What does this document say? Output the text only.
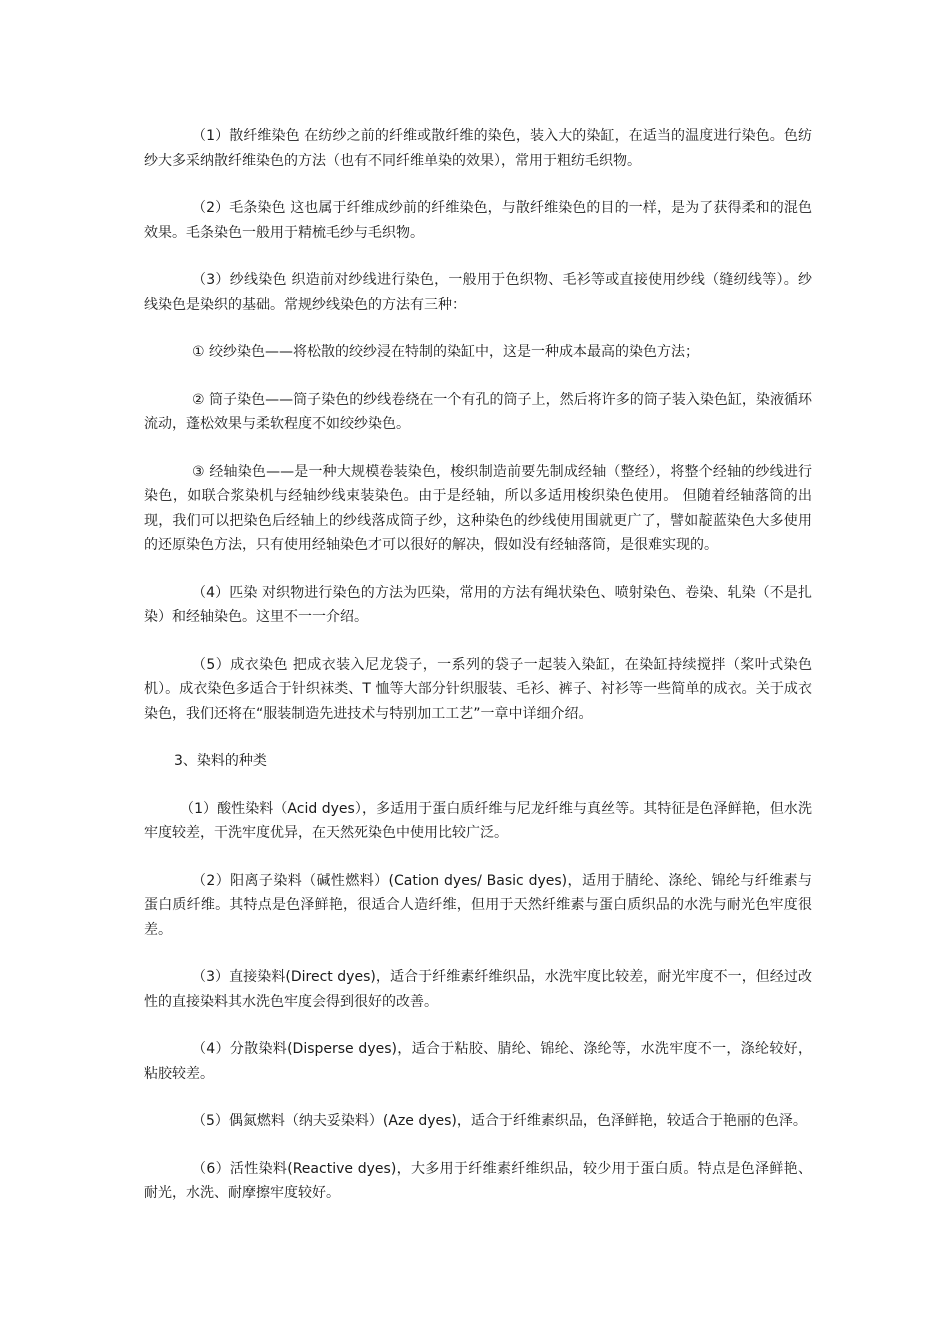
（1）散纤维染色 在纺纱之前的纤维或散纤维的染色，装入大的染缸，在适当的温度进行染色。色纺纱大多采纳散纤维染色的方法（也有不同纤维单染的效果），常用于粗纺毛织物。

（2）毛条染色 这也属于纤维成纱前的纤维染色，与散纤维染色的目的一样，是为了获得柔和的混色效果。毛条染色一般用于精梳毛纱与毛织物。

（3）纱线染色 织造前对纱线进行染色，一般用于色织物、毛衫等或直接使用纱线（缝纫线等）。纱线染色是染织的基础。常规纱线染色的方法有三种：

① 绞纱染色——将松散的绞纱浸在特制的染缸中，这是一种成本最高的染色方法；

② 筒子染色——筒子染色的纱线卷绕在一个有孔的筒子上，然后将许多的筒子装入染色缸，染液循环流动，蓬松效果与柔软程度不如绞纱染色。

③ 经轴染色——是一种大规模卷装染色，梭织制造前要先制成经轴（整经），将整个经轴的纱线进行染色，如联合浆染机与经轴纱线束装染色。由于是经轴，所以多适用梭织染色使用。 但随着经轴落筒的出现，我们可以把染色后经轴上的纱线落成筒子纱，这种染色的纱线使用围就更广了，譬如靛蓝染色大多使用的还原染色方法，只有使用经轴染色才可以很好的解决，假如没有经轴落筒，是很难实现的。

（4）匹染 对织物进行染色的方法为匹染，常用的方法有绳状染色、喷射染色、卷染、轧染（不是扎染）和经轴染色。这里不一一介绍。

（5）成衣染色 把成衣装入尼龙袋子，一系列的袋子一起装入染缸，在染缸持续搅拌（桨叶式染色机）。成衣染色多适合于针织袜类、T 恤等大部分针织服装、毛衫、裤子、衬衫等一些简单的成衣。关于成衣染色，我们还将在“服装制造先进技术与特别加工工艺”一章中详细介绍。

3、染料的种类

（1）酸性染料（Acid dyes），多适用于蛋白质纤维与尼龙纤维与真丝等。其特征是色泽鲜艳，但水洗牢度较差，干洗牢度优异，在天然死染色中使用比较广泛。

（2）阳离子染料（碱性燃料）(Cation dyes/ Basic dyes)，适用于腈纶、涤纶、锦纶与纤维素与蛋白质纤维。其特点是色泽鲜艳，很适合人造纤维，但用于天然纤维素与蛋白质织品的水洗与耐光色牢度很差。

（3）直接染料(Direct dyes)，适合于纤维素纤维织品，水洗牢度比较差，耐光牢度不一，但经过改性的直接染料其水洗色牢度会得到很好的改善。

（4）分散染料(Disperse dyes)，适合于粘胶、腈纶、锦纶、涤纶等，水洗牢度不一，涤纶较好，粘胶较差。

（5）偶氮燃料（纳夫妥染料）(Aze dyes)，适合于纤维素织品，色泽鲜艳，较适合于艳丽的色泽。

（6）活性染料(Reactive dyes)，大多用于纤维素纤维织品，较少用于蛋白质。特点是色泽鲜艳、耐光，水洗、耐摩擦牢度较好。
